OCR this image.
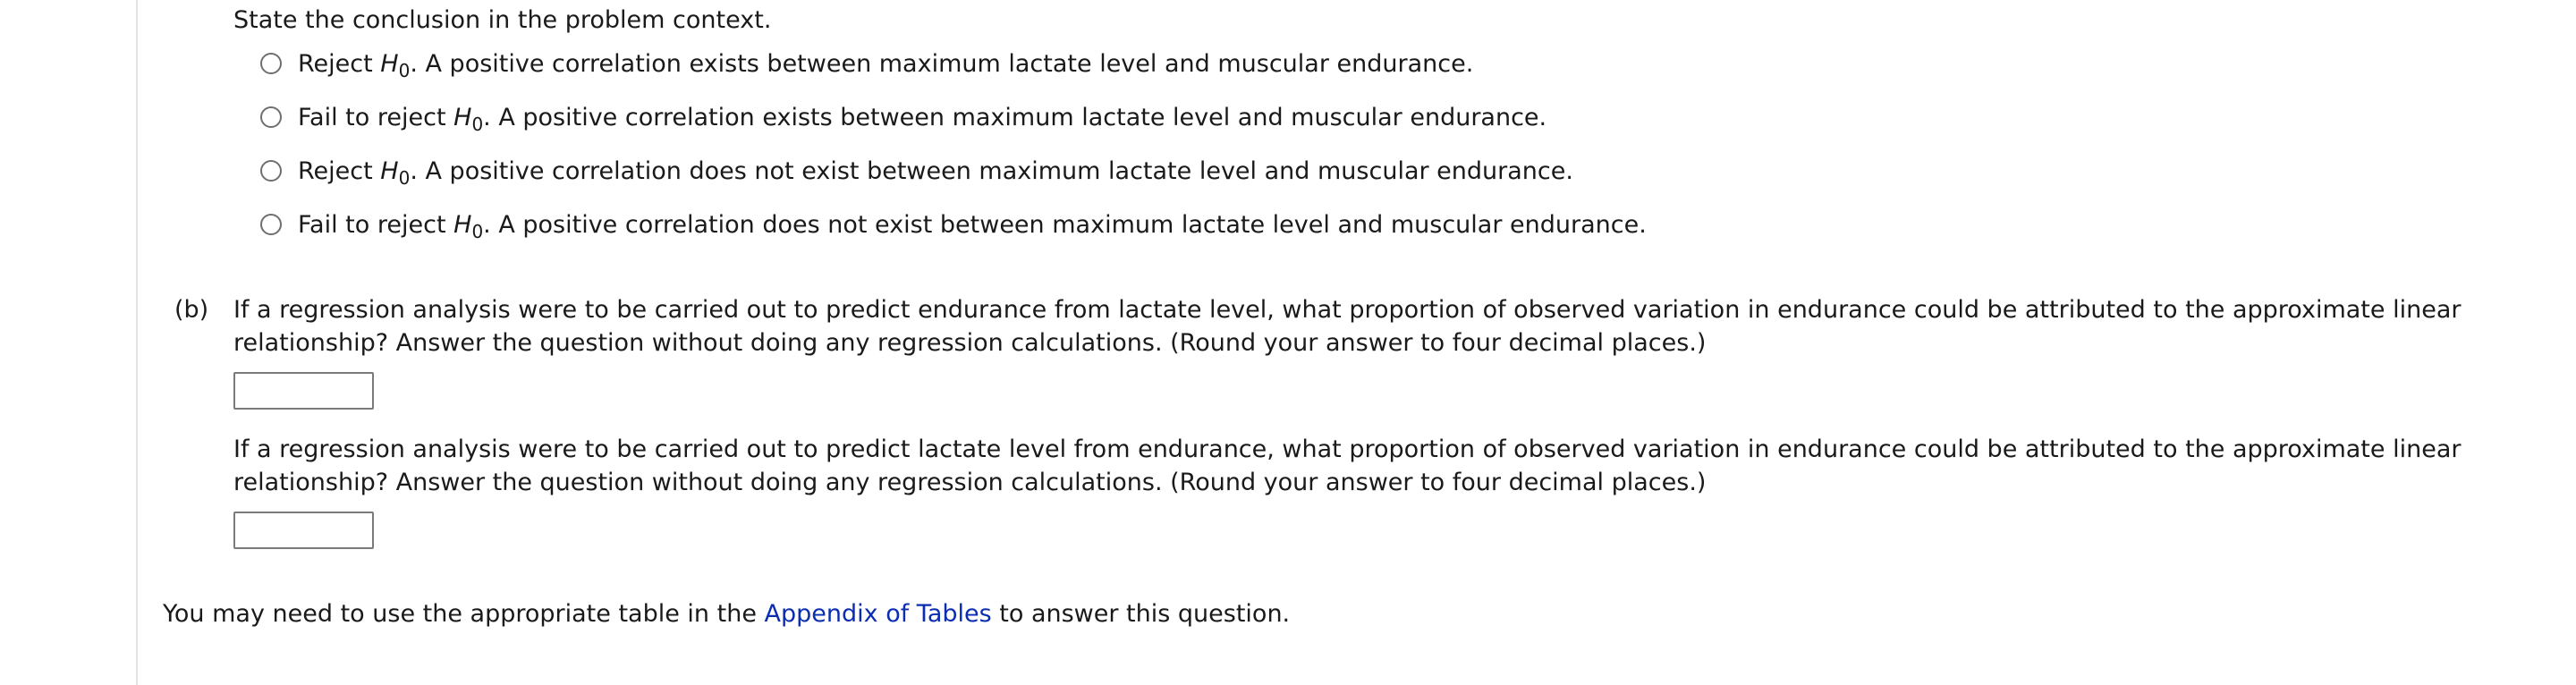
State the conclusion in the problem context.
Reject $H_0$. A positive correlation exists between maximum lactate level and muscular endurance.
Fail to reject $H_0$. A positive correlation exists between maximum lactate level and muscular endurance.
Reject $H_0$. A positive correlation does not exist between maximum lactate level and muscular endurance.
Fail to reject $H_0$. A positive correlation does not exist between maximum lactate level and muscular endurance.
(b) If a regression analysis were to be carried out to predict endurance from lactate level, what proportion of observed variation in endurance could be attributed to the approximate linear
relationship? Answer the question without doing any regression calculations. (Round your answer to four decimal places.)
If a regression analysis were to be carried out to predict lactate level from endurance, what proportion of observed variation in endurance could be attributed to the approximate linear
relationship? Answer the question without doing any regression calculations. (Round your answer to four decimal places.)
You may need to use the appropriate table in the Appendix of Tables to answer this question.
